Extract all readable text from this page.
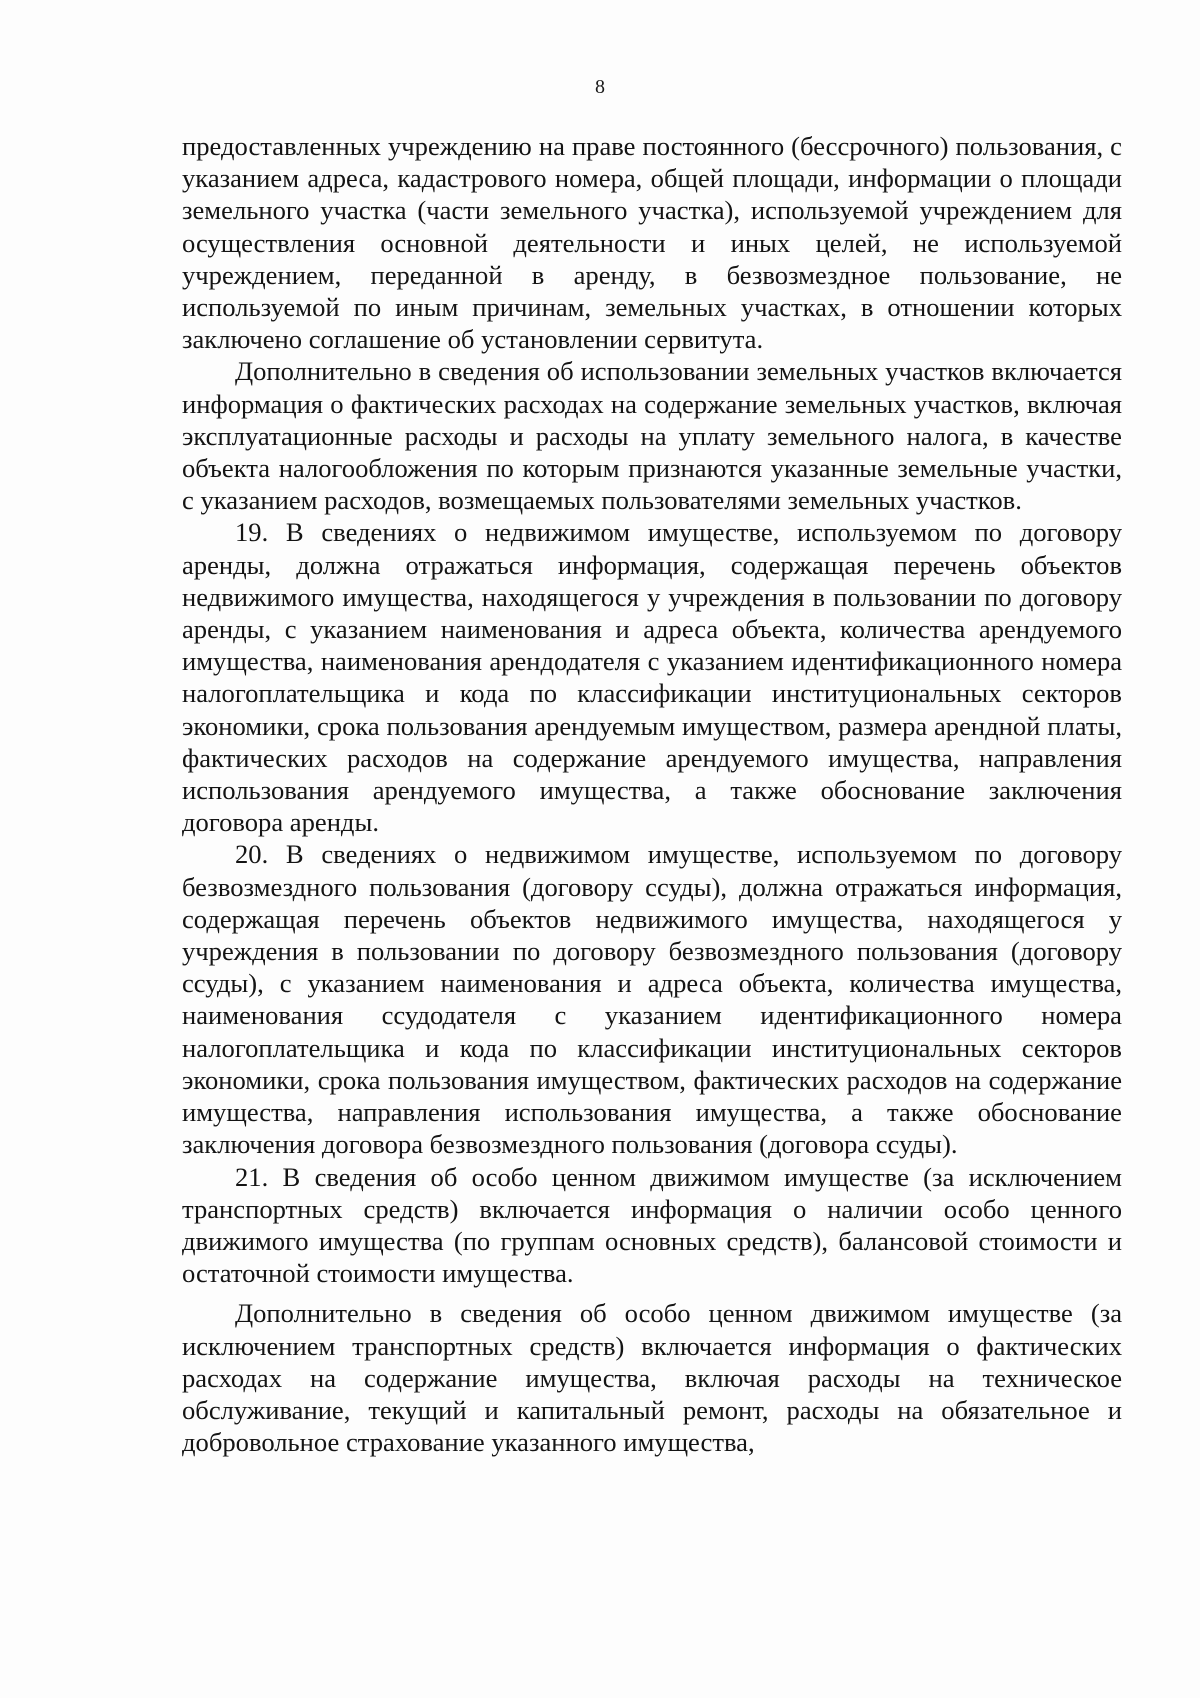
8

предоставленных учреждению на праве постоянного (бессрочного) пользования, с указанием адреса, кадастрового номера, общей площади, информации о площади земельного участка (части земельного участка), используемой учреждением для осуществления основной деятельности и иных целей, не используемой учреждением, переданной в аренду, в безвозмездное пользование, не используемой по иным причинам, земельных участках, в отношении которых заключено соглашение об установлении сервитута.

Дополнительно в сведения об использовании земельных участков включается информация о фактических расходах на содержание земельных участков, включая эксплуатационные расходы и расходы на уплату земельного налога, в качестве объекта налогообложения по которым признаются указанные земельные участки, с указанием расходов, возмещаемых пользователями земельных участков.

19. В сведениях о недвижимом имуществе, используемом по договору аренды, должна отражаться информация, содержащая перечень объектов недвижимого имущества, находящегося у учреждения в пользовании по договору аренды, с указанием наименования и адреса объекта, количества арендуемого имущества, наименования арендодателя с указанием идентификационного номера налогоплательщика и кода по классификации институциональных секторов экономики, срока пользования арендуемым имуществом, размера арендной платы, фактических расходов на содержание арендуемого имущества, направления использования арендуемого имущества, а также обоснование заключения договора аренды.

20. В сведениях о недвижимом имуществе, используемом по договору безвозмездного пользования (договору ссуды), должна отражаться информация, содержащая перечень объектов недвижимого имущества, находящегося у учреждения в пользовании по договору безвозмездного пользования (договору ссуды), с указанием наименования и адреса объекта, количества имущества, наименования ссудодателя с указанием идентификационного номера налогоплательщика и кода по классификации институциональных секторов экономики, срока пользования имуществом, фактических расходов на содержание имущества, направления использования имущества, а также обоснование заключения договора безвозмездного пользования (договора ссуды).

21. В сведения об особо ценном движимом имуществе (за исключением транспортных средств) включается информация о наличии особо ценного движимого имущества (по группам основных средств), балансовой стоимости и остаточной стоимости имущества.

Дополнительно в сведения об особо ценном движимом имуществе (за исключением транспортных средств) включается информация о фактических расходах на содержание имущества, включая расходы на техническое обслуживание, текущий и капитальный ремонт, расходы на обязательное и добровольное страхование указанного имущества,
